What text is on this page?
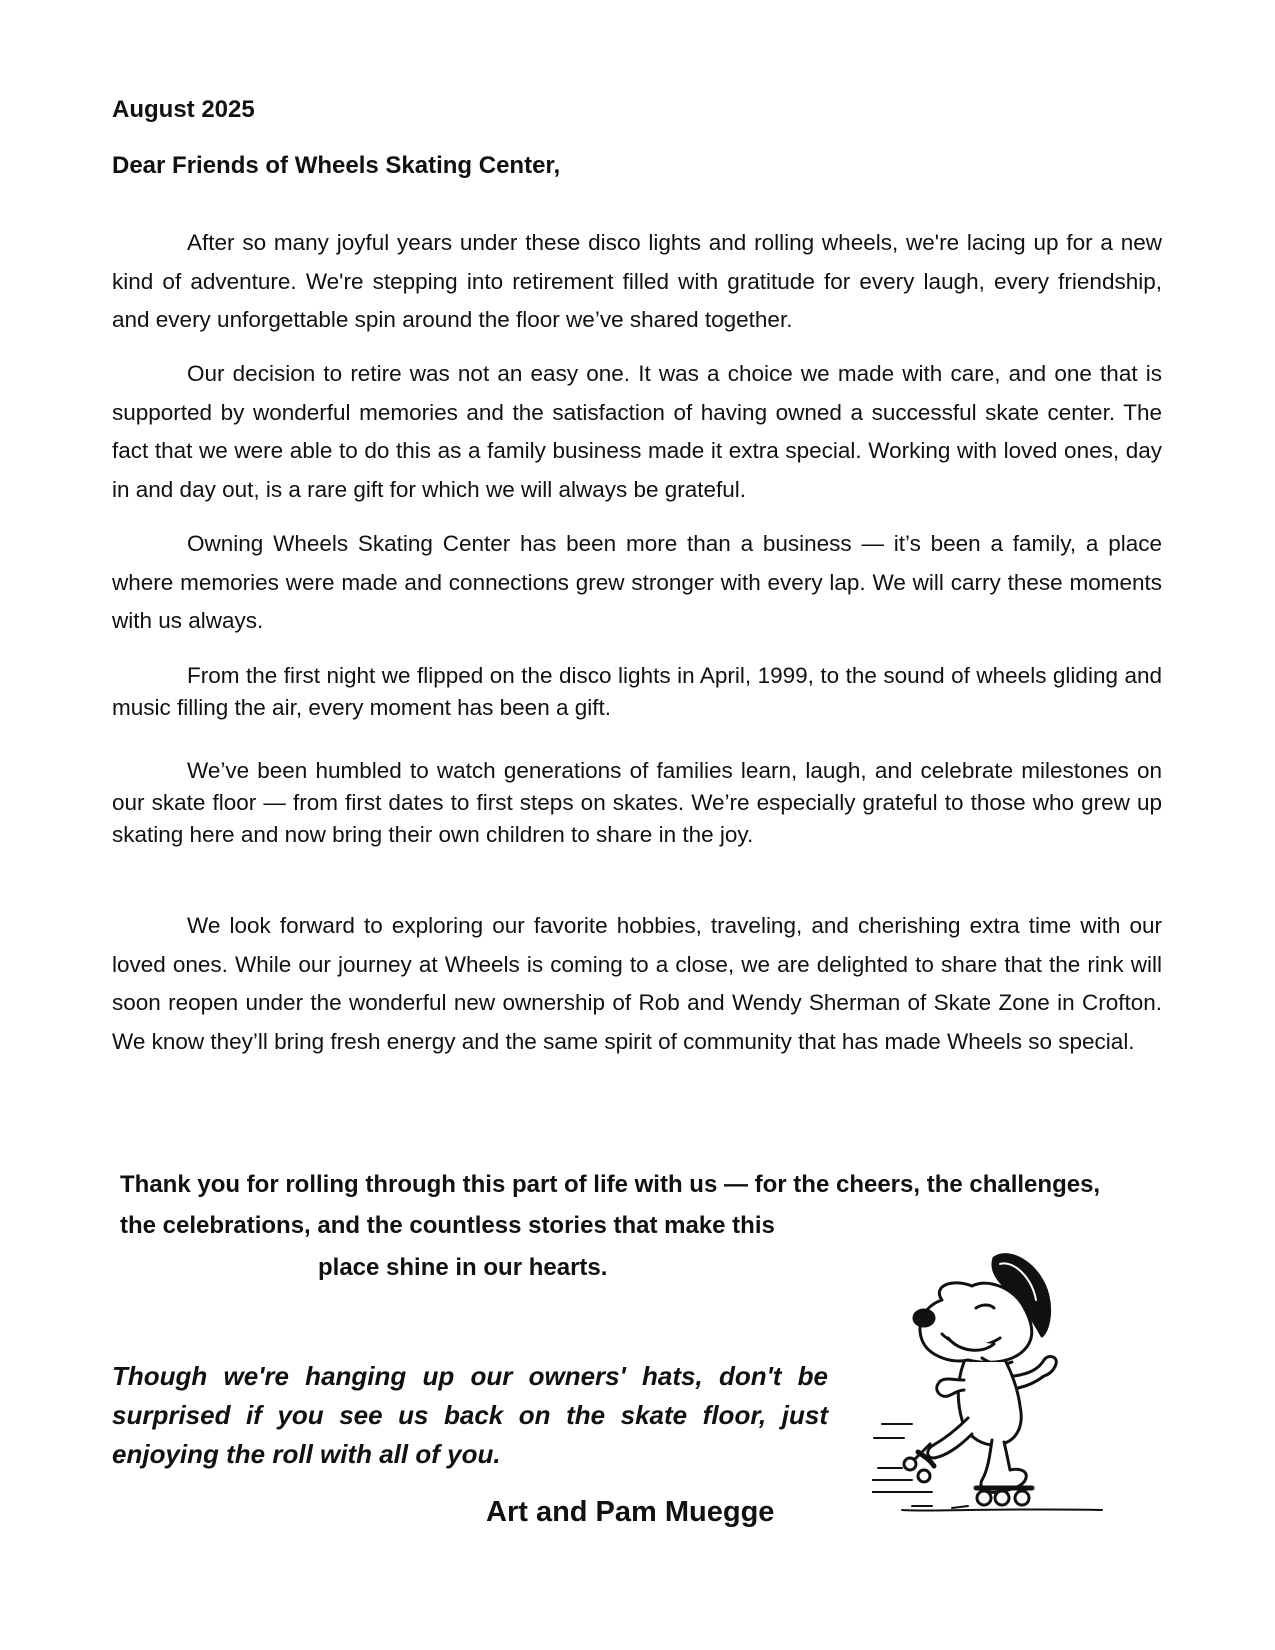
August 2025
Dear Friends of Wheels Skating Center,

After so many joyful years under these disco lights and rolling wheels, we're lacing up for a new kind of adventure. We're stepping into retirement filled with gratitude for every laugh, every friendship, and every unforgettable spin around the floor we’ve shared together.

Our decision to retire was not an easy one. It was a choice we made with care, and one that is supported by wonderful memories and the satisfaction of having owned a successful skate center. The fact that we were able to do this as a family business made it extra special. Working with loved ones, day in and day out, is a rare gift for which we will always be grateful.

Owning Wheels Skating Center has been more than a business — it’s been a family, a place where memories were made and connections grew stronger with every lap. We will carry these moments with us always.

From the first night we flipped on the disco lights in April, 1999, to the sound of wheels gliding and music filling the air, every moment has been a gift.

We’ve been humbled to watch generations of families learn, laugh, and celebrate milestones on our skate floor — from first dates to first steps on skates. We’re especially grateful to those who grew up skating here and now bring their own children to share in the joy.

We look forward to exploring our favorite hobbies, traveling, and cherishing extra time with our loved ones. While our journey at Wheels is coming to a close, we are delighted to share that the rink will soon reopen under the wonderful new ownership of Rob and Wendy Sherman of Skate Zone in Crofton. We know they’ll bring fresh energy and the same spirit of community that has made Wheels so special.

Thank you for rolling through this part of life with us — for the cheers, the challenges,

the celebrations, and the countless stories that make this

place shine in our hearts.

Though we're hanging up our owners' hats, don't be surprised if you see us back on the skate floor, just enjoying the roll with all of you.

Art and Pam Muegge
